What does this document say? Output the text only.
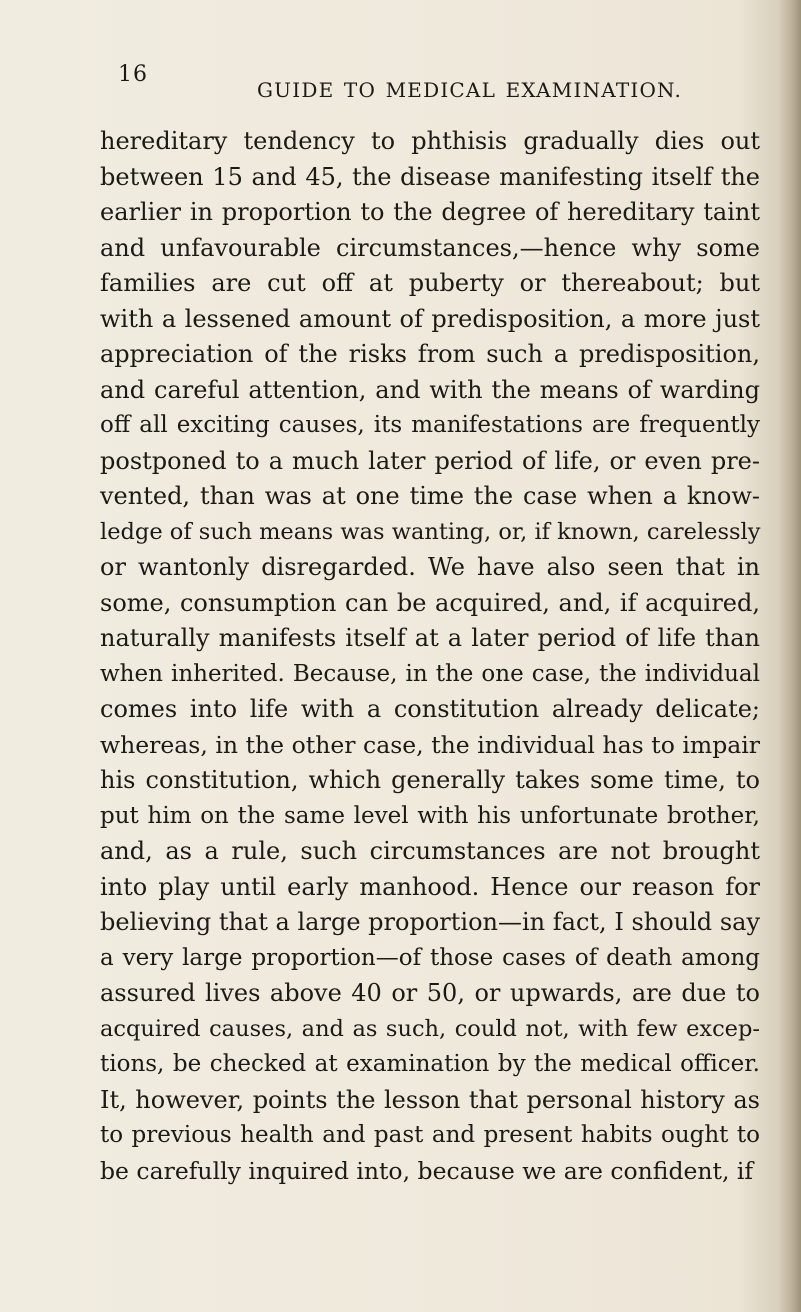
16
GUIDE TO MEDICAL EXAMINATION.
hereditary tendency to phthisis gradually dies out
between 15 and 45, the disease manifesting itself the
earlier in proportion to the degree of hereditary taint
and unfavourable circumstances,—hence why some
families are cut off at puberty or thereabout; but
with a lessened amount of predisposition, a more just
appreciation of the risks from such a predisposition,
and careful attention, and with the means of warding
off all exciting causes, its manifestations are frequently
postponed to a much later period of life, or even pre-
vented, than was at one time the case when a know-
ledge of such means was wanting, or, if known, carelessly
or wantonly disregarded. We have also seen that in
some, consumption can be acquired, and, if acquired,
naturally manifests itself at a later period of life than
when inherited. Because, in the one case, the individual
comes into life with a constitution already delicate;
whereas, in the other case, the individual has to impair
his constitution, which generally takes some time, to
put him on the same level with his unfortunate brother,
and, as a rule, such circumstances are not brought
into play until early manhood. Hence our reason for
believing that a large proportion—in fact, I should say
a very large proportion—of those cases of death among
assured lives above 40 or 50, or upwards, are due to
acquired causes, and as such, could not, with few excep-
tions, be checked at examination by the medical officer.
It, however, points the lesson that personal history as
to previous health and past and present habits ought to
be carefully inquired into, because we are confident, if
